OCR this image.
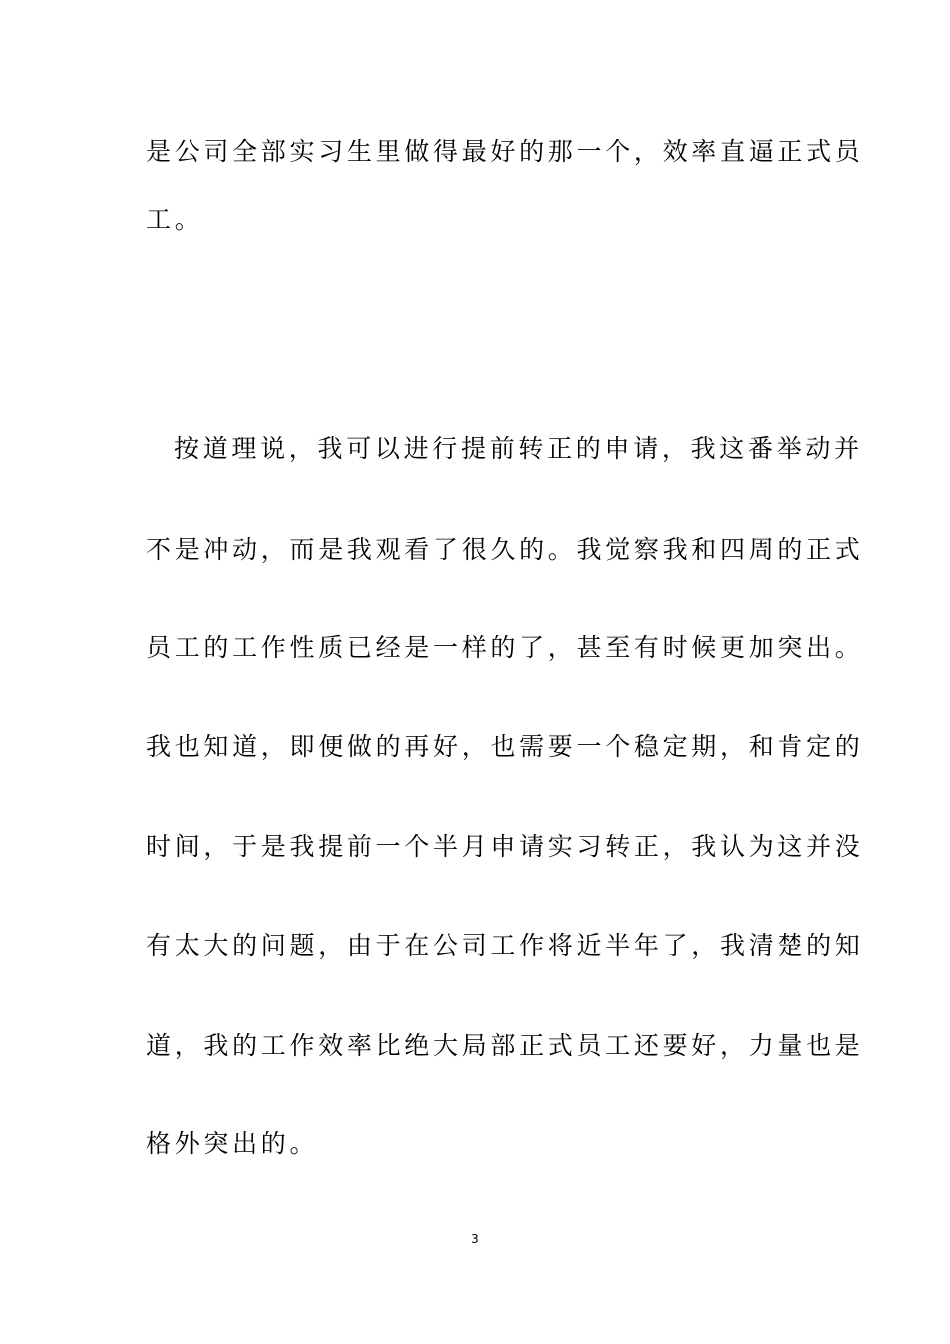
是公司全部实习生里做得最好的那一个，效率直逼正式员
工。
按道理说，我可以进行提前转正的申请，我这番举动并
不是冲动，而是我观看了很久的。我觉察我和四周的正式
员工的工作性质已经是一样的了，甚至有时候更加突出。
我也知道，即便做的再好，也需要一个稳定期，和肯定的
时间，于是我提前一个半月申请实习转正，我认为这并没
有太大的问题，由于在公司工作将近半年了，我清楚的知
道，我的工作效率比绝大局部正式员工还要好，力量也是
格外突出的。
3
